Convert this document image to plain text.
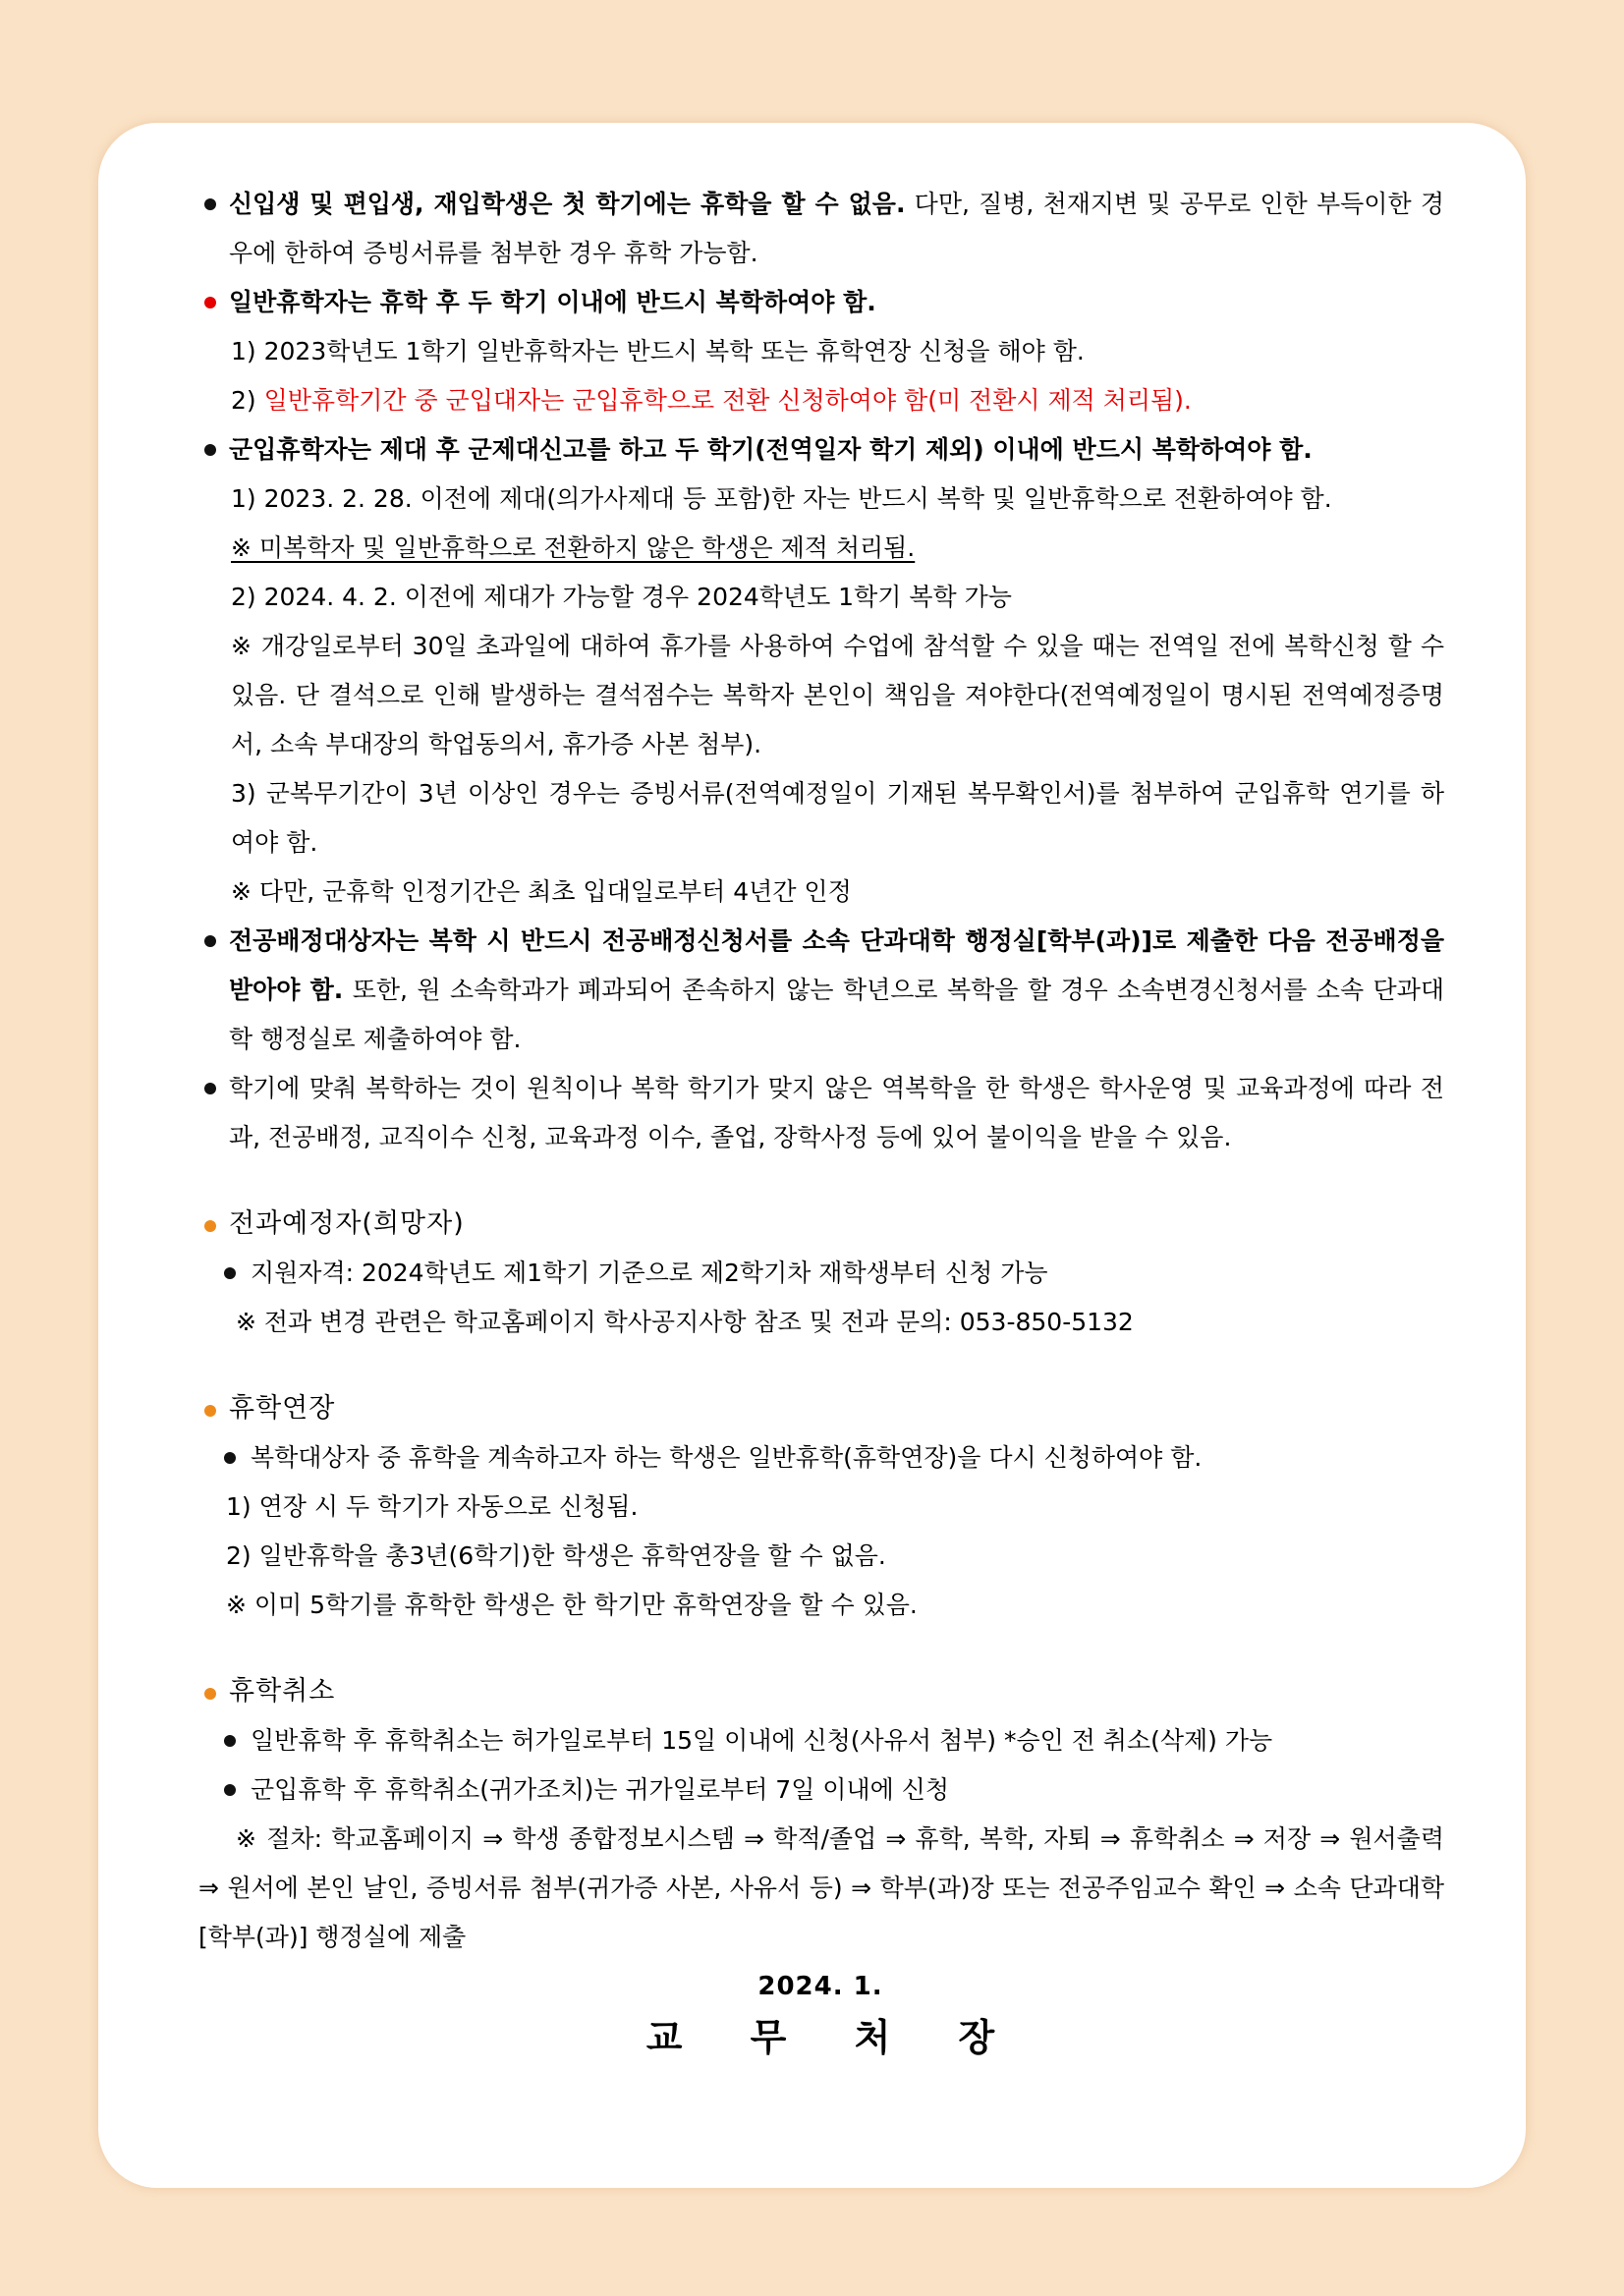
신입생 및 편입생, 재입학생은 첫 학기에는 휴학을 할 수 없음. 다만, 질병, 천재지변 및 공무로 인한 부득이한 경우에 한하여 증빙서류를 첨부한 경우 휴학 가능함.

일반휴학자는 휴학 후 두 학기 이내에 반드시 복학하여야 함.

1) 2023학년도 1학기 일반휴학자는 반드시 복학 또는 휴학연장 신청을 해야 함.

2) 일반휴학기간 중 군입대자는 군입휴학으로 전환 신청하여야 함(미 전환시 제적 처리됨).

군입휴학자는 제대 후 군제대신고를 하고 두 학기(전역일자 학기 제외) 이내에 반드시 복학하여야 함.

1) 2023. 2. 28. 이전에 제대(의가사제대 등 포함)한 자는 반드시 복학 및 일반휴학으로 전환하여야 함.

※ 미복학자 및 일반휴학으로 전환하지 않은 학생은 제적 처리됨.

2) 2024. 4. 2. 이전에 제대가 가능할 경우 2024학년도 1학기 복학 가능

※ 개강일로부터 30일 초과일에 대하여 휴가를 사용하여 수업에 참석할 수 있을 때는 전역일 전에 복학신청 할 수 있음. 단 결석으로 인해 발생하는 결석점수는 복학자 본인이 책임을 져야한다(전역예정일이 명시된 전역예정증명서, 소속 부대장의 학업동의서, 휴가증 사본 첨부).

3) 군복무기간이 3년 이상인 경우는 증빙서류(전역예정일이 기재된 복무확인서)를 첨부하여 군입휴학 연기를 하여야 함.

※ 다만, 군휴학 인정기간은 최초 입대일로부터 4년간 인정

전공배정대상자는 복학 시 반드시 전공배정신청서를 소속 단과대학 행정실[학부(과)]로 제출한 다음 전공배정을 받아야 함. 또한, 원 소속학과가 폐과되어 존속하지 않는 학년으로 복학을 할 경우 소속변경신청서를 소속 단과대학 행정실로 제출하여야 함.

학기에 맞춰 복학하는 것이 원칙이나 복학 학기가 맞지 않은 역복학을 한 학생은 학사운영 및 교육과정에 따라 전과, 전공배정, 교직이수 신청, 교육과정 이수, 졸업, 장학사정 등에 있어 불이익을 받을 수 있음.

전과예정자(희망자)

지원자격: 2024학년도 제1학기 기준으로 제2학기차 재학생부터 신청 가능

※ 전과 변경 관련은 학교홈페이지 학사공지사항 참조 및 전과 문의: 053-850-5132

휴학연장

복학대상자 중 휴학을 계속하고자 하는 학생은 일반휴학(휴학연장)을 다시 신청하여야 함.

1) 연장 시 두 학기가 자동으로 신청됨.

2) 일반휴학을 총3년(6학기)한 학생은 휴학연장을 할 수 없음.

※ 이미 5학기를 휴학한 학생은 한 학기만 휴학연장을 할 수 있음.

휴학취소

일반휴학 후 휴학취소는 허가일로부터 15일 이내에 신청(사유서 첨부) *승인 전 취소(삭제) 가능

군입휴학 후 휴학취소(귀가조치)는 귀가일로부터 7일 이내에 신청

※ 절차: 학교홈페이지 ⇒ 학생 종합정보시스템 ⇒ 학적/졸업 ⇒ 휴학, 복학, 자퇴 ⇒ 휴학취소 ⇒ 저장 ⇒ 원서출력 ⇒ 원서에 본인 날인, 증빙서류 첨부(귀가증 사본, 사유서 등) ⇒ 학부(과)장 또는 전공주임교수 확인 ⇒ 소속 단과대학[학부(과)] 행정실에 제출

2024. 1.

교 무 처 장
